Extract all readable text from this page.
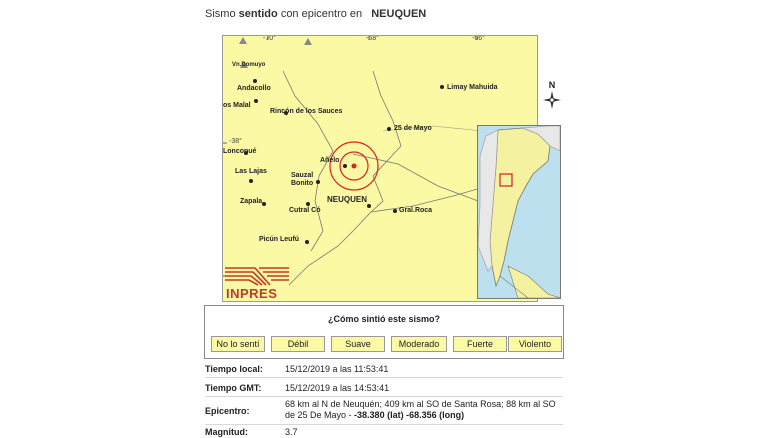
Sismo sentido con epicentro en NEUQUEN
-70°	-68°	-66°
-38°
Vn.Domuyo
Andacollo
os Malal
Rincón de los Sauces
Limay Mahuida
25 de Mayo
Loncopué
Las Lajas
Añelo
Sauzal
Bonito
Zapala
Cutral Có
NEUQUEN
Gral.Roca
Picún Leufú
N
INPRES
¿Cómo sintió este sismo?
No lo sentí	Débil	Suave	Moderado	Fuerte	Violento
Tiempo local:	15/12/2019 a las 11:53:41
Tiempo GMT:	15/12/2019 a las 14:53:41
Epicentro:
68 km al N de Neuquén; 409 km al SO de Santa Rosa; 88 km al SO de 25 De Mayo - -38.380 (lat) -68.356 (long)
Magnitud:	3.7
